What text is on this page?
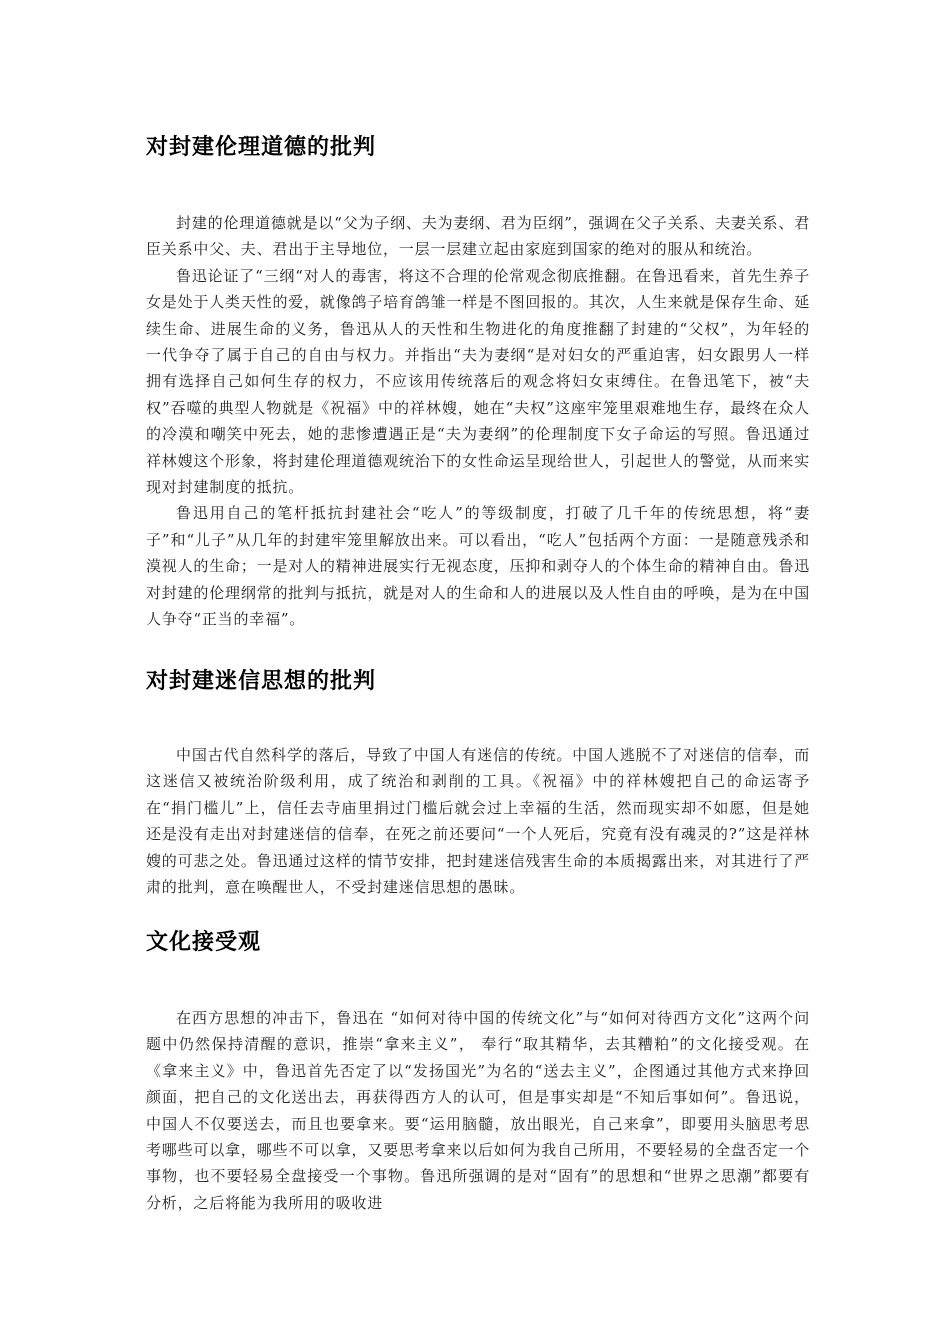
对封建伦理道德的批判

封建的伦理道德就是以“父为子纲、夫为妻纲、君为臣纲”，强调在父子关系、夫妻关系、君臣关系中父、夫、君出于主导地位，一层一层建立起由家庭到国家的绝对的服从和统治。

鲁迅论证了“三纲“对人的毒害，将这不合理的伦常观念彻底推翻。在鲁迅看来，首先生养子女是处于人类天性的爱，就像鸽子培育鸽雏一样是不图回报的。其次，人生来就是保存生命、延续生命、进展生命的义务，鲁迅从人的天性和生物进化的角度推翻了封建的“父权”，为年轻的一代争夺了属于自己的自由与权力。并指出“夫为妻纲“是对妇女的严重迫害，妇女跟男人一样拥有选择自己如何生存的权力，不应该用传统落后的观念将妇女束缚住。在鲁迅笔下，被“夫权”吞噬的典型人物就是《祝福》中的祥林嫂，她在“夫权”这座牢笼里艰难地生存，最终在众人的冷漠和嘲笑中死去，她的悲惨遭遇正是“夫为妻纲”的伦理制度下女子命运的写照。鲁迅通过祥林嫂这个形象，将封建伦理道德观统治下的女性命运呈现给世人，引起世人的警觉，从而来实现对封建制度的抵抗。

鲁迅用自己的笔杆抵抗封建社会“吃人”的等级制度，打破了几千年的传统思想，将“妻子”和“儿子”从几年的封建牢笼里解放出来。可以看出，“吃人”包括两个方面：一是随意残杀和漠视人的生命；一是对人的精神进展实行无视态度，压抑和剥夺人的个体生命的精神自由。鲁迅对封建的伦理纲常的批判与抵抗，就是对人的生命和人的进展以及人性自由的呼唤，是为在中国人争夺“正当的幸福”。

对封建迷信思想的批判

中国古代自然科学的落后，导致了中国人有迷信的传统。中国人逃脱不了对迷信的信奉，而这迷信又被统治阶级利用，成了统治和剥削的工具。《祝福》中的祥林嫂把自己的命运寄予在“捐门槛儿”上，信任去寺庙里捐过门槛后就会过上幸福的生活，然而现实却不如愿，但是她还是没有走出对封建迷信的信奉，在死之前还要问“一个人死后，究竟有没有魂灵的?”这是祥林嫂的可悲之处。鲁迅通过这样的情节安排，把封建迷信残害生命的本质揭露出来，对其进行了严肃的批判，意在唤醒世人，不受封建迷信思想的愚昧。

文化接受观

在西方思想的冲击下，鲁迅在 “如何对待中国的传统文化”与“如何对待西方文化”这两个问题中仍然保持清醒的意识，推崇“拿来主义”， 奉行“取其精华，去其糟粕”的文化接受观。在《拿来主义》中，鲁迅首先否定了以“发扬国光”为名的“送去主义”，企图通过其他方式来挣回颜面，把自己的文化送出去，再获得西方人的认可，但是事实却是“不知后事如何”。鲁迅说，中国人不仅要送去，而且也要拿来。要“运用脑髓，放出眼光，自己来拿”，即要用头脑思考思考哪些可以拿，哪些不可以拿，又要思考拿来以后如何为我自己所用，不要轻易的全盘否定一个事物，也不要轻易全盘接受一个事物。鲁迅所强调的是对“固有”的思想和“世界之思潮”都要有分析，之后将能为我所用的吸收进
